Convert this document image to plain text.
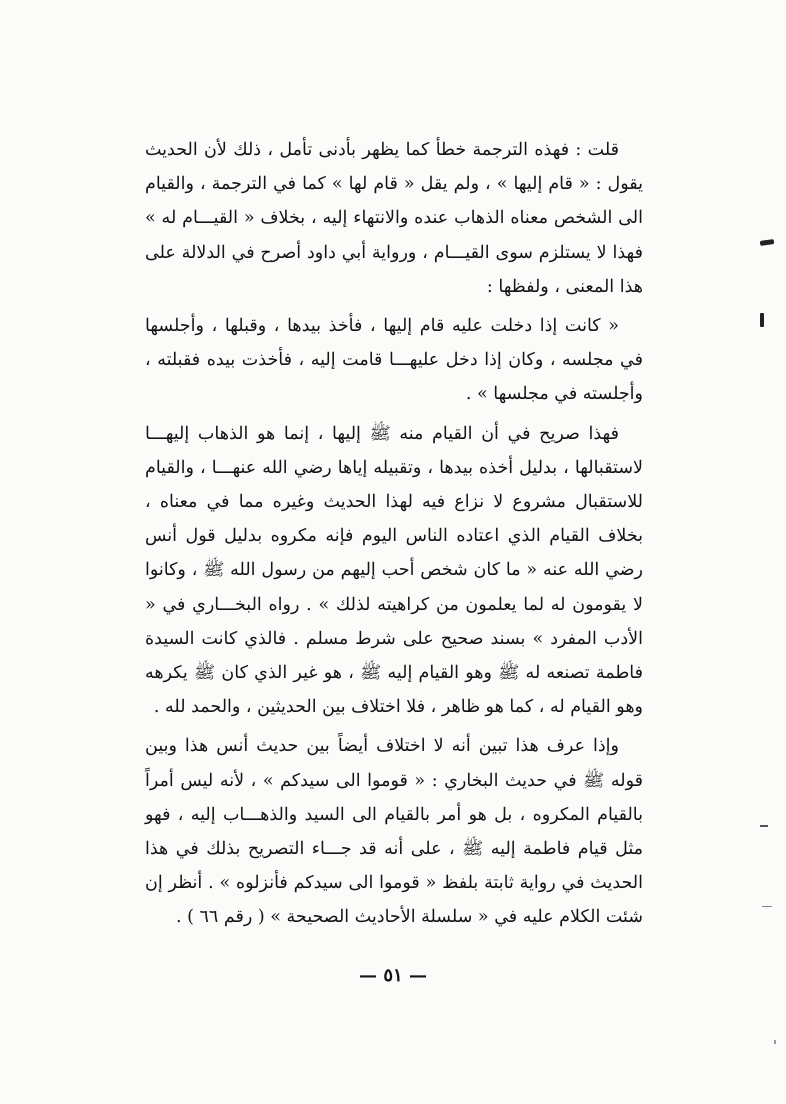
قلت : فهذه الترجمة خطأ كما يظهر بأدنى تأمل ، ذلك لأن الحديث يقول : « قام إليها » ، ولم يقل « قام لها » كما في الترجمة ، والقيام الى الشخص معناه الذهاب عنده والانتهاء إليه ، بخلاف « القيـــام له » فهذا لا يستلزم سوى القيـــام ، ورواية أبي داود أصرح في الدلالة على هذا المعنى ، ولفظها :

« كانت إذا دخلت عليه قام إليها ، فأخذ بيدها ، وقبلها ، وأجلسها في مجلسه ، وكان إذا دخل عليهـــا قامت إليه ، فأخذت بيده فقبلته ، وأجلسته في مجلسها » .

فهذا صريح في أن القيام منه ﷺ إليها ، إنما هو الذهاب إليهـــا لاستقبالها ، بدليل أخذه بيدها ، وتقبيله إياها رضي الله عنهـــا ، والقيام للاستقبال مشروع لا نزاع فيه لهذا الحديث وغيره مما في معناه ، بخلاف القيام الذي اعتاده الناس اليوم فإنه مكروه بدليل قول أنس رضي الله عنه « ما كان شخص أحب إليهم من رسول الله ﷺ ، وكانوا لا يقومون له لما يعلمون من كراهيته لذلك » . رواه البخـــاري في « الأدب المفرد » بسند صحيح على شرط مسلم . فالذي كانت السيدة فاطمة تصنعه له ﷺ وهو القيام إليه ﷺ ، هو غير الذي كان ﷺ يكرهه وهو القيام له ، كما هو ظاهر ، فلا اختلاف بين الحديثين ، والحمد لله .

وإذا عرف هذا تبين أنه لا اختلاف أيضاً بين حديث أنس هذا وبين قوله ﷺ في حديث البخاري : « قوموا الى سيدكم » ، لأنه ليس أمراً بالقيام المكروه ، بل هو أمر بالقيام الى السيد والذهـــاب إليه ، فهو مثل قيام فاطمة إليه ﷺ ، على أنه قد جـــاء التصريح بذلك في هذا الحديث في رواية ثابتة بلفظ « قوموا الى سيدكم فأنزلوه » . أنظر إن شئت الكلام عليه في « سلسلة الأحاديث الصحيحة » ( رقم ٦٦ ) .

— ٥١ —
